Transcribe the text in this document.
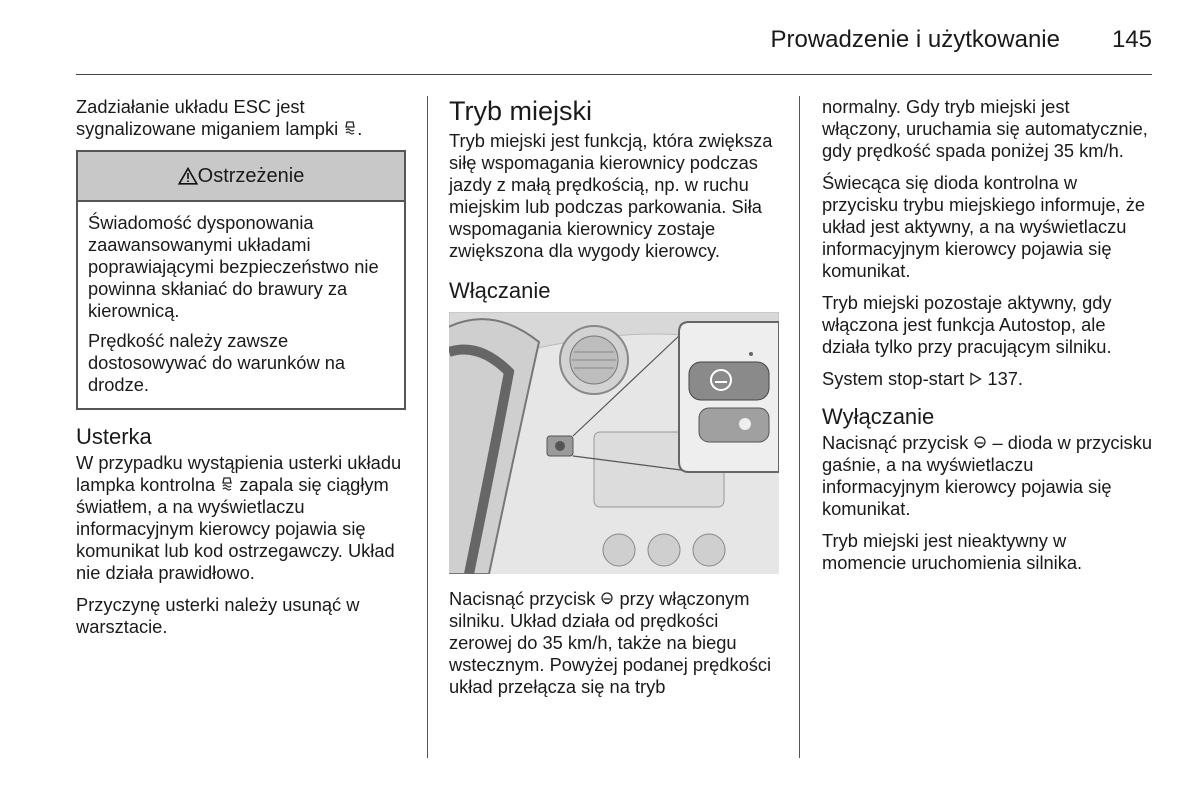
Prowadzenie i użytkowanie 145

Zadziałanie układu ESC jest
sygnalizowane miganiem lampki .

Ostrzeżenie

Świadomość dysponowania zaawansowanymi układami poprawiającymi bezpieczeństwo nie powinna skłaniać do brawury za kierownicą.

Prędkość należy zawsze dostosowywać do warunków na drodze.

Usterka

W przypadku wystąpienia usterki układu lampka kontrolna zapala się ciągłym światłem, a na wyświetlaczu informacyjnym kierowcy pojawia się komunikat lub kod ostrzegawczy. Układ nie działa prawidłowo.

Przyczynę usterki należy usunąć w warsztacie.

Tryb miejski

Tryb miejski jest funkcją, która zwiększa siłę wspomagania kierownicy podczas jazdy z małą prędkością, np. w ruchu miejskim lub podczas parkowania. Siła wspomagania kierownicy zostaje zwiększona dla wygody kierowcy.

Włączanie

Nacisnąć przycisk przy włączonym silniku. Układ działa od prędkości zerowej do 35 km/h, także na biegu wstecznym. Powyżej podanej prędkości układ przełącza się na tryb

normalny. Gdy tryb miejski jest włączony, uruchamia się automatycznie, gdy prędkość spada poniżej 35 km/h.

Świecąca się dioda kontrolna w przycisku trybu miejskiego informuje, że układ jest aktywny, a na wyświetlaczu informacyjnym kierowcy pojawia się komunikat.

Tryb miejski pozostaje aktywny, gdy włączona jest funkcja Autostop, ale działa tylko przy pracującym silniku.

System stop-start 137.

Wyłączanie

Nacisnąć przycisk – dioda w przycisku gaśnie, a na wyświetlaczu informacyjnym kierowcy pojawia się komunikat.

Tryb miejski jest nieaktywny w momencie uruchomienia silnika.
